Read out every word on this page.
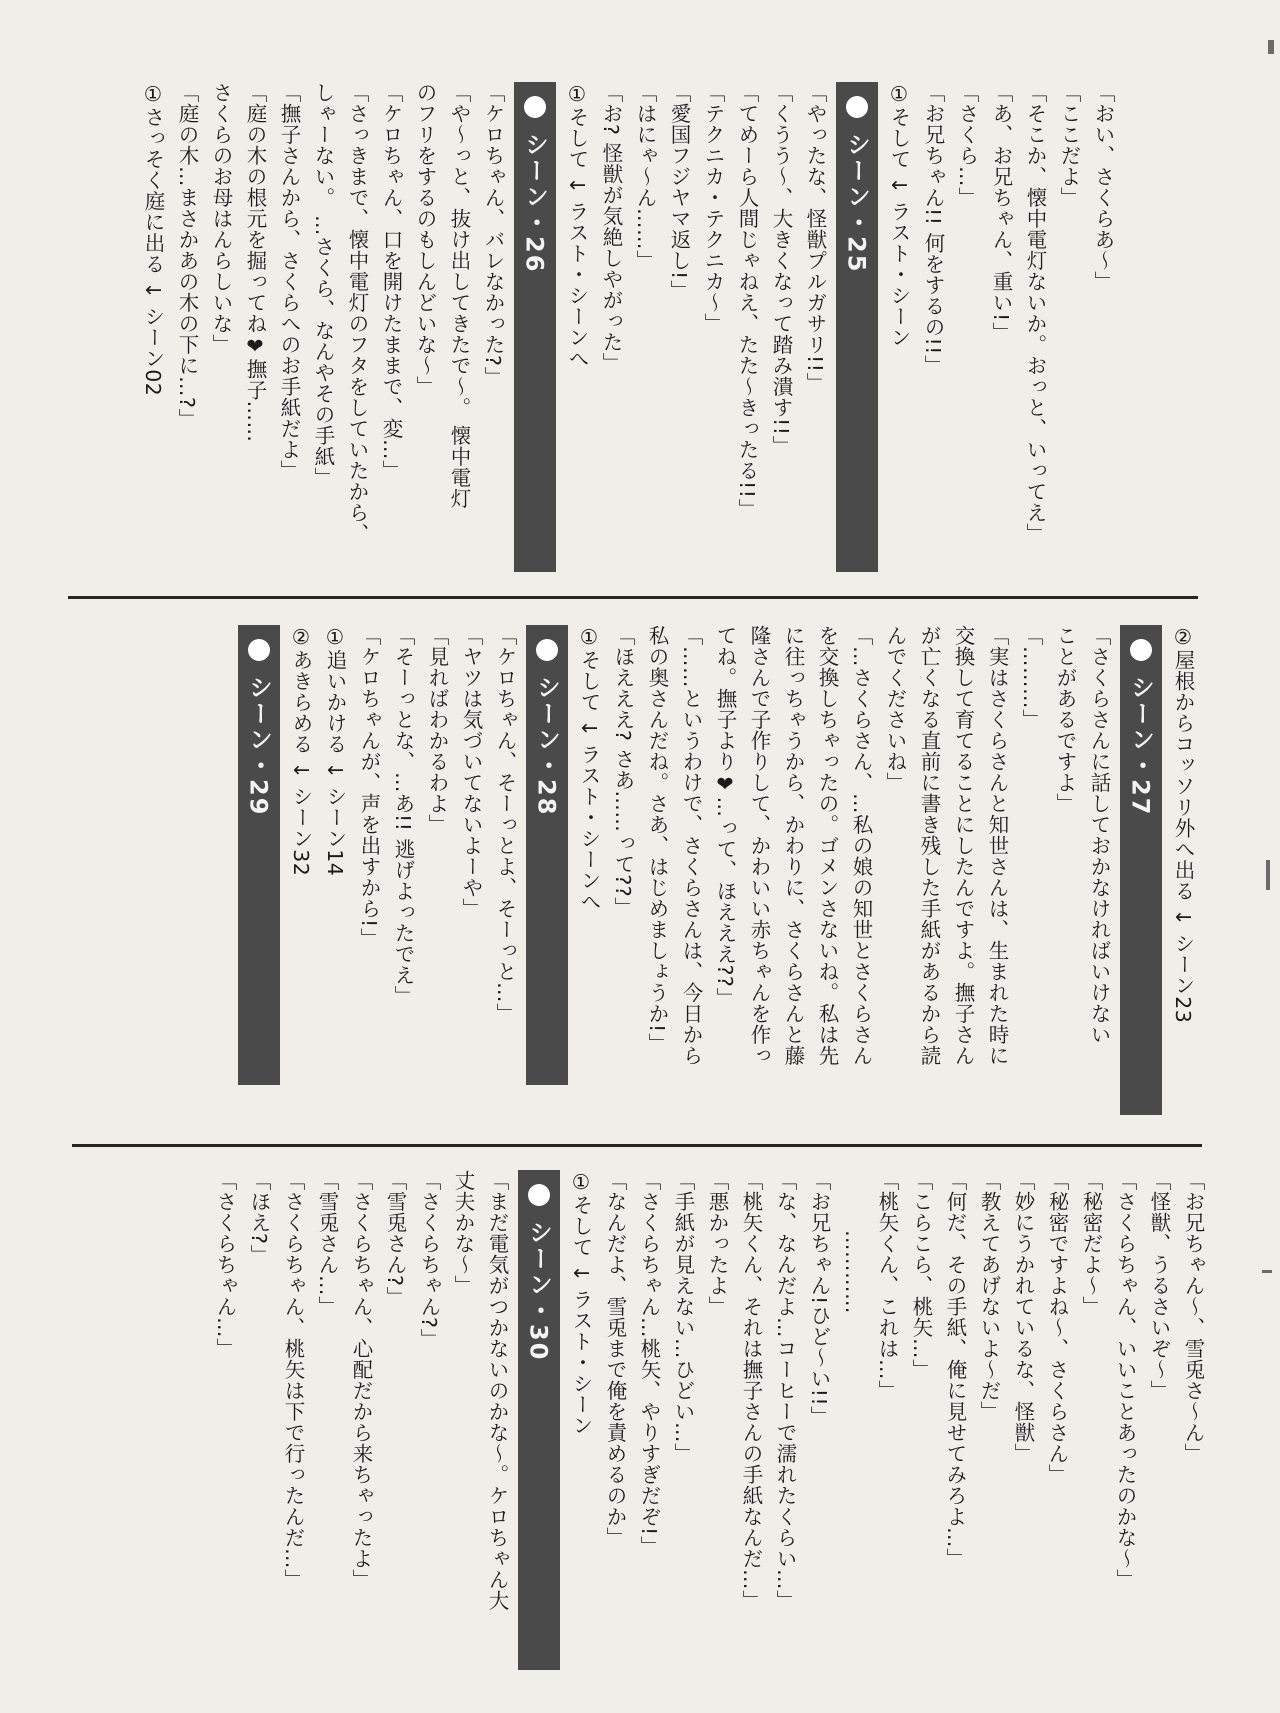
「おい、さくらあ〜」
「ここだよ」
「そこか、懐中電灯ないか。おっと、いってえ」
「あ、お兄ちゃん、重い!」
「さくら…」
「お兄ちゃん!! 何をするの!!」
①そして ↓ ラスト・シーン
シーン・25
「やったな、怪獣プルガサリ!!」
「くうう〜、大きくなって踏み潰す!!」
「てめーら人間じゃねえ、たた〜きったる!!」
「テクニカ・テクニカ〜」
「愛国フジヤマ返し!」
「はにゃ〜ん……」
「お? 怪獣が気絶しやがった」
①そして ↓ ラスト・シーンへ
シーン・26
「ケロちゃん、バレなかった?」
「や〜っと、抜け出してきたで〜。 懐中電灯
のフリをするのもしんどいな〜」
「ケロちゃん、口を開けたままで、変…」
「さっきまで、懐中電灯のフタをしていたから、
しゃーない。 …さくら、なんやその手紙」
「撫子さんから、さくらへのお手紙だよ」
「庭の木の根元を掘ってね❤撫子……
さくらのお母はんらしいな」
「庭の木…まさかあの木の下に…?」
①さっそく庭に出る ↓ シーン02
②屋根からコッソリ外へ出る ↓ シーン23
シーン・27
「さくらさんに話しておかなければいけない
ことがあるですよ」
「………」
「実はさくらさんと知世さんは、生まれた時に
交換して育てることにしたんですよ。撫子さん
が亡くなる直前に書き残した手紙があるから読
んでくださいね」
「…さくらさん、…私の娘の知世とさくらさん
を交換しちゃったの。ゴメンさないね。私は先
に往っちゃうから、かわりに、さくらさんと藤
隆さんで子作りして、かわいい赤ちゃんを作っ
てね。撫子より❤…って、ほえええ??」
「……というわけで、さくらさんは、今日から
私の奥さんだね。さあ、はじめましょうか!」
「ほえええ? さあ……って??」
①そして ↓ ラスト・シーンへ
シーン・28
「ケロちゃん、そーっとよ、そーっと…」
「ヤツは気づいてないよーや」
「見ればわかるわよ」
「そーっとな、…あ!! 逃げよったでえ」
「ケロちゃんが、声を出すから!」
①追いかける ↓ シーン14
②あきらめる ↓ シーン32
シーン・29
「お兄ちゃん〜、雪兎さ〜ん」
「怪獣、うるさいぞ〜」
「さくらちゃん、いいことあったのかな〜」
「秘密だよ〜」
「秘密ですよね〜、さくらさん」
「妙にうかれているな、怪獣」
「教えてあげないよ〜だ」
「何だ、その手紙、俺に見せてみろよ…」
「こらこら、桃矢…」
「桃矢くん、これは…」
…………
「お兄ちゃん!ひど〜い!!」
「な、なんだよ…コーヒーで濡れたくらい…」
「桃矢くん、それは撫子さんの手紙なんだ…」
「悪かったよ」
「手紙が見えない…ひどい…」
「さくらちゃん…桃矢、やりすぎだぞ!」
「なんだよ、雪兎まで俺を責めるのか」
①そして ↓ ラスト・シーン
シーン・30
「まだ電気がつかないのかな〜。ケロちゃん大
丈夫かな〜」
「さくらちゃん?」
「雪兎さん?」
「さくらちゃん、心配だから来ちゃったよ」
「雪兎さん…」
「さくらちゃん、桃矢は下で行ったんだ…」
「ほえ?」
「さくらちゃん…」
